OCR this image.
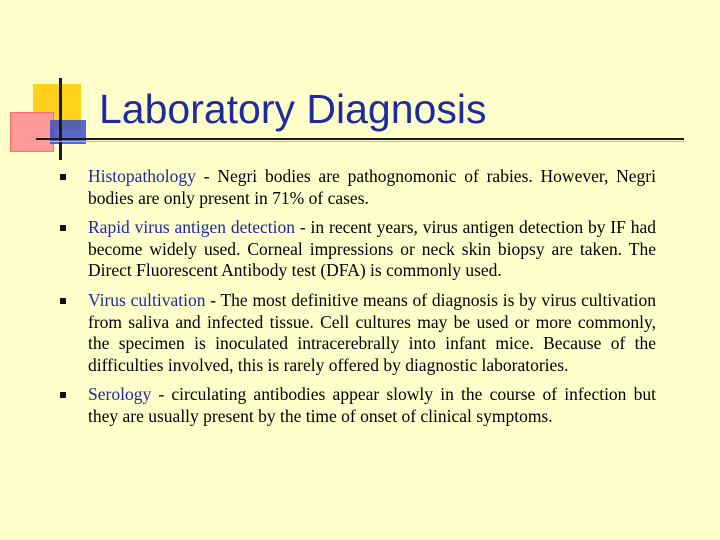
Laboratory Diagnosis
Histopathology - Negri bodies are pathognomonic of rabies. However, Negri bodies are only present in 71% of cases.
Rapid virus antigen detection - in recent years, virus antigen detection by IF had become widely used. Corneal impressions or neck skin biopsy are taken. The Direct Fluorescent Antibody test (DFA) is commonly used.
Virus cultivation - The most definitive means of diagnosis is by virus cultivation from saliva and infected tissue. Cell cultures may be used or more commonly, the specimen is inoculated intracerebrally into infant mice. Because of the difficulties involved, this is rarely offered by diagnostic laboratories.
Serology - circulating antibodies appear slowly in the course of infection but they are usually present by the time of onset of clinical symptoms.
